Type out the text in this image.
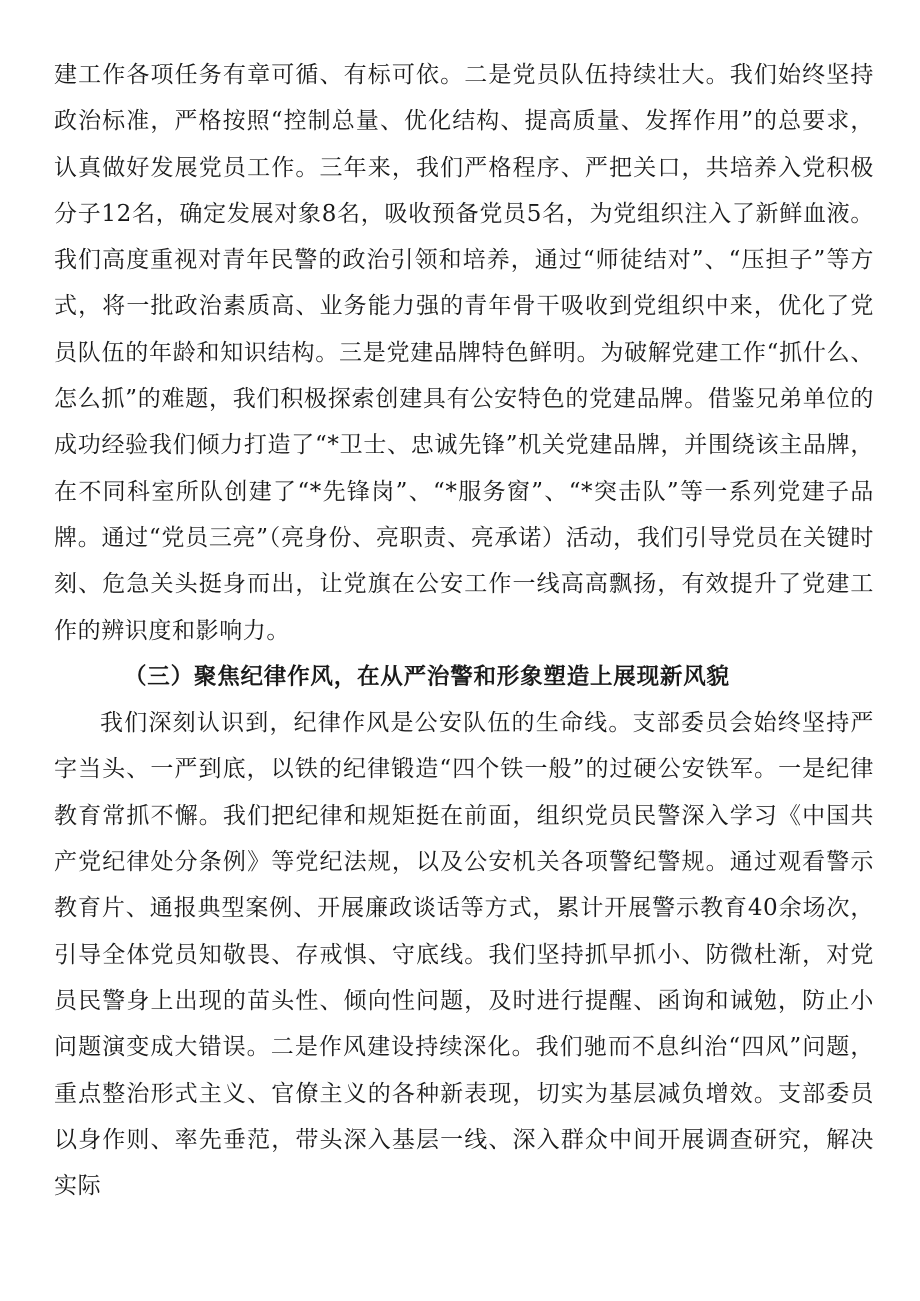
建工作各项任务有章可循、有标可依。二是党员队伍持续壮大。我们始终坚持政治标准，严格按照“控制总量、优化结构、提高质量、发挥作用”的总要求，认真做好发展党员工作。三年来，我们严格程序、严把关口，共培养入党积极分子12名，确定发展对象8名，吸收预备党员5名，为党组织注入了新鲜血液。我们高度重视对青年民警的政治引领和培养，通过“师徒结对”、“压担子”等方式，将一批政治素质高、业务能力强的青年骨干吸收到党组织中来，优化了党员队伍的年龄和知识结构。三是党建品牌特色鲜明。为破解党建工作“抓什么、怎么抓”的难题，我们积极探索创建具有公安特色的党建品牌。借鉴兄弟单位的成功经验我们倾力打造了“*卫士、忠诚先锋”机关党建品牌，并围绕该主品牌，在不同科室所队创建了“*先锋岗”、“*服务窗”、“*突击队”等一系列党建子品牌。通过“党员三亮”（亮身份、亮职责、亮承诺）活动，我们引导党员在关键时刻、危急关头挺身而出，让党旗在公安工作一线高高飘扬，有效提升了党建工作的辨识度和影响力。

（三）聚焦纪律作风，在从严治警和形象塑造上展现新风貌

我们深刻认识到，纪律作风是公安队伍的生命线。支部委员会始终坚持严字当头、一严到底，以铁的纪律锻造“四个铁一般”的过硬公安铁军。一是纪律教育常抓不懈。我们把纪律和规矩挺在前面，组织党员民警深入学习《中国共产党纪律处分条例》等党纪法规，以及公安机关各项警纪警规。通过观看警示教育片、通报典型案例、开展廉政谈话等方式，累计开展警示教育40余场次，引导全体党员知敬畏、存戒惧、守底线。我们坚持抓早抓小、防微杜渐，对党员民警身上出现的苗头性、倾向性问题，及时进行提醒、函询和诫勉，防止小问题演变成大错误。二是作风建设持续深化。我们驰而不息纠治“四风”问题，重点整治形式主义、官僚主义的各种新表现，切实为基层减负增效。支部委员以身作则、率先垂范，带头深入基层一线、深入群众中间开展调查研究，解决实际
